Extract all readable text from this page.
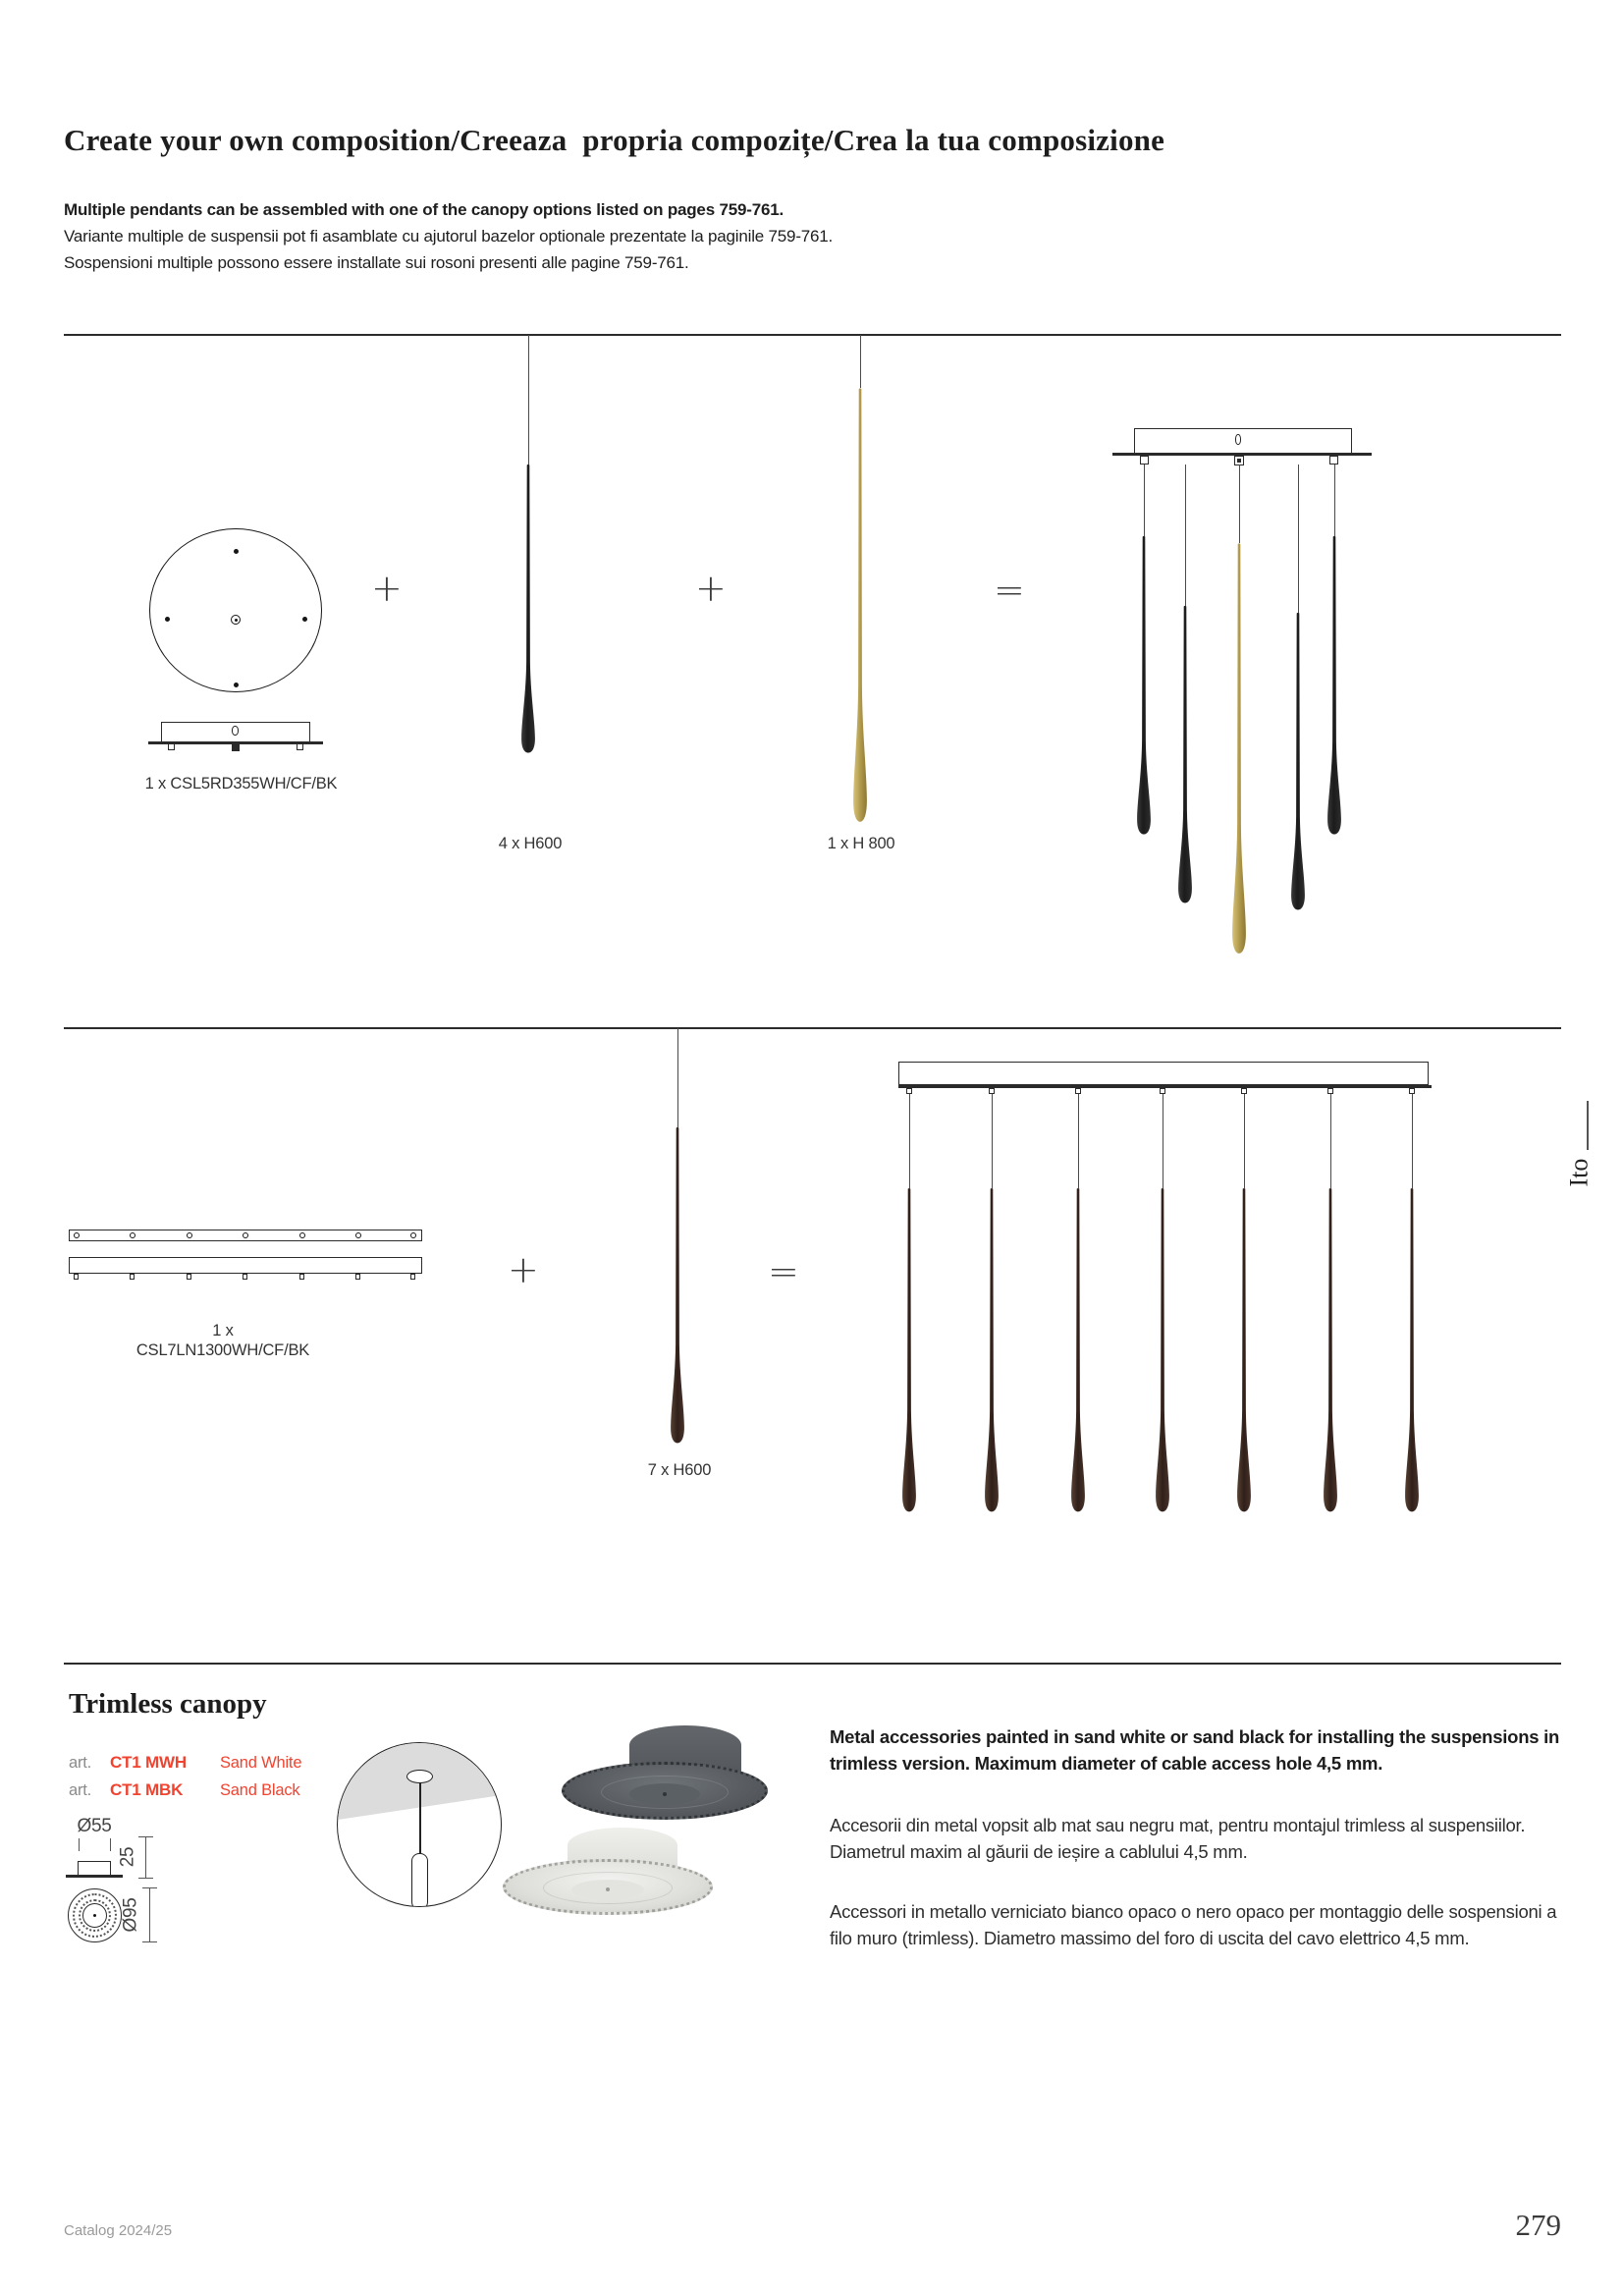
Create your own composition/Creeaza  propria compozițe/Crea la tua composizione
Multiple pendants can be assembled with one of the canopy options listed on pages 759-761.
Variante multiple de suspensii pot fi asamblate cu ajutorul bazelor optionale prezentate la paginile 759-761.
Sospensioni multiple possono essere installate sui rosoni presenti alle pagine 759-761.
1 x CSL5RD355WH/CF/BK
+
4 x H600
+
1 x H 800
=
1 x CSL7LN1300WH/CF/BK
+
7 x H600
=
Ito
Trimless canopy
art.	CT1 MWH	Sand White
art.	CT1 MBK	Sand Black
Ø55
25
Ø95
Metal accessories painted in sand white or sand black for installing the suspensions in trimless version. Maximum diameter of cable access hole 4,5 mm.
Accesorii din metal vopsit alb mat sau negru mat, pentru montajul trimless al suspensiilor. Diametrul maxim al găurii de ieșire a cablului 4,5 mm.
Accessori in metallo verniciato bianco opaco o nero opaco per montaggio delle sospensioni a filo muro (trimless). Diametro massimo del foro di uscita del cavo elettrico 4,5 mm.
Catalog 2024/25	279
